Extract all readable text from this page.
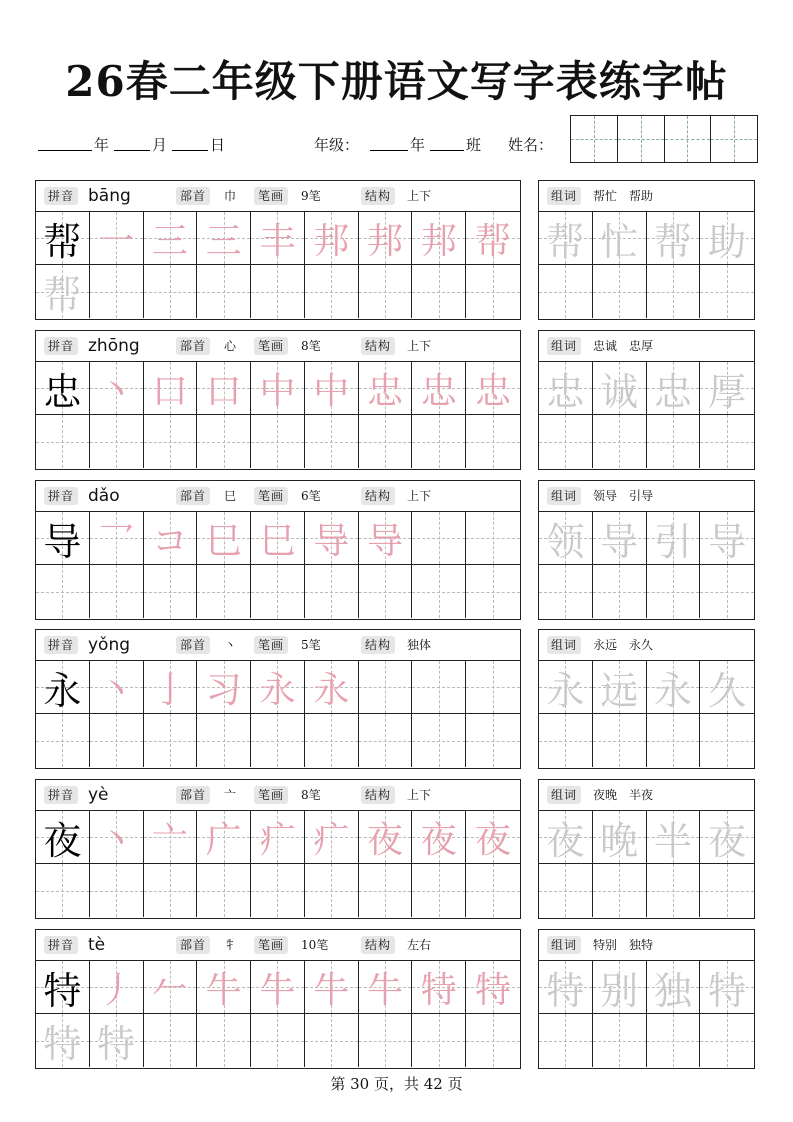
26春二年级下册语文写字表练字帖
年	月	日	年级：	年	班 姓名：
拼音 bāng	部首	巾	笔画	9笔	结构	上下
帮 一 三 三 丰 邦 邦 邦 帮
帮
组词	帮忙　帮助
帮 忙 帮 助
拼音 zhōng	部首	心	笔画	8笔	结构	上下
忠 丶 口 口 中 中 忠 忠 忠
组词	忠诚　忠厚
忠 诚 忠 厚
拼音 dǎo	部首	巳	笔画	6笔	结构	上下
导 乛 コ 巳 巳 导 导
组词	领导　引导
领 导 引 导
拼音 yǒng	部首	丶	笔画	5笔	结构	独体
永 丶 亅 习 永 永
组词	永远　永久
永 远 永 久
拼音 yè	部首	亠	笔画	8笔	结构	上下
夜 丶 亠 广 疒 疒 夜 夜 夜
组词	夜晚　半夜
夜 晚 半 夜
拼音 tè	部首	牜	笔画	10笔	结构	左右
特 丿 𠂉 牛 牛 牛 牛 特 特
特 特
组词	特别　独特
特 别 独 特
第 30 页，共 42 页
